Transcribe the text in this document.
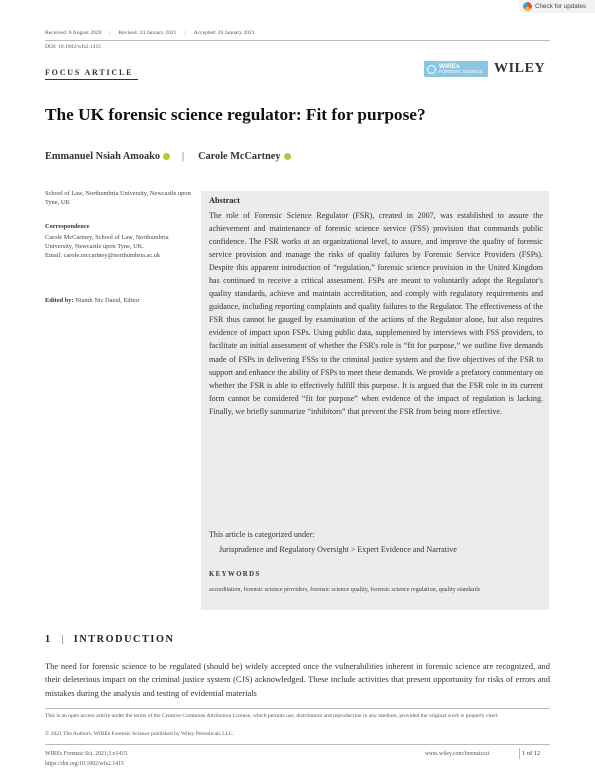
Check for updates
Received: 6 August 2020 | Revised: 24 January 2021 | Accepted: 26 January 2021
DOI: 10.1002/wfs2.1415
FOCUS ARTICLE
WIREs
FORENSIC SCIENCE WILEY
The UK forensic science regulator: Fit for purpose?
Emmanuel Nsiah Amoako | Carole McCartney
School of Law, Northumbria University, Newcastle upon Tyne, UK
Correspondence
Carole McCartney, School of Law, Northumbria University, Newcastle upon Tyne, UK.
Email: carole.mccartney@northumbria.ac.uk
Edited by: Niamh Nic Daeid, Editor
Abstract
The role of Forensic Science Regulator (FSR), created in 2007, was established to assure the achievement and maintenance of forensic science service (FSS) provision that commands public confidence. The FSR works at an organizational level, to assure, and improve the quality of forensic service provision and manage the risks of quality failures by Forensic Service Providers (FSPs). Despite this apparent introduction of “regulation,” forensic science provision in the United Kingdom has continued to receive a critical assessment. FSPs are meant to voluntarily adopt the Regulator's quality standards, achieve and maintain accreditation, and comply with regulatory requirements and guidance, including reporting complaints and quality failures to the Regulator. The effectiveness of the FSR thus cannot be gauged by examination of the actions of the Regulator alone, but also requires evidence of impact upon FSPs. Using public data, supplemented by interviews with FSS providers, to facilitate an initial assessment of whether the FSR's role is “fit for purpose,” we outline five demands made of FSPs in delivering FSSs to the criminal justice system and the five objectives of the FSR to support and enhance the ability of FSPs to meet these demands. We provide a prefatory commentary on whether the FSR is able to effectively fulfill this purpose. It is argued that the FSR role in its current form cannot be considered “fit for purpose” when evidence of the impact of regulation is lacking. Finally, we briefly summarize “inhibitors” that prevent the FSR from being more effective.
This article is categorized under:
Jurisprudence and Regulatory Oversight > Expert Evidence and Narrative
KEYWORDS
accreditation, forensic science providers, forensic science quality, forensic science regulation, quality standards
1 | INTRODUCTION
The need for forensic science to be regulated (should be) widely accepted once the vulnerabilities inherent in forensic science are recognized, and their deleterious impact on the criminal justice system (CJS) acknowledged. These include activities that present opportunity for risks of errors and mistakes during the analysis and testing of evidential materials
This is an open access article under the terms of the Creative Commons Attribution License, which permits use, distribution and reproduction in any medium, provided the original work is properly cited.
© 2021 The Authors. WIREs Forensic Science published by Wiley Periodicals LLC.
WIREs Forensic Sci. 2021;3:e1415.
https://doi.org/10.1002/wfs2.1415
wires.wiley.com/forensicsci	1 of 12
